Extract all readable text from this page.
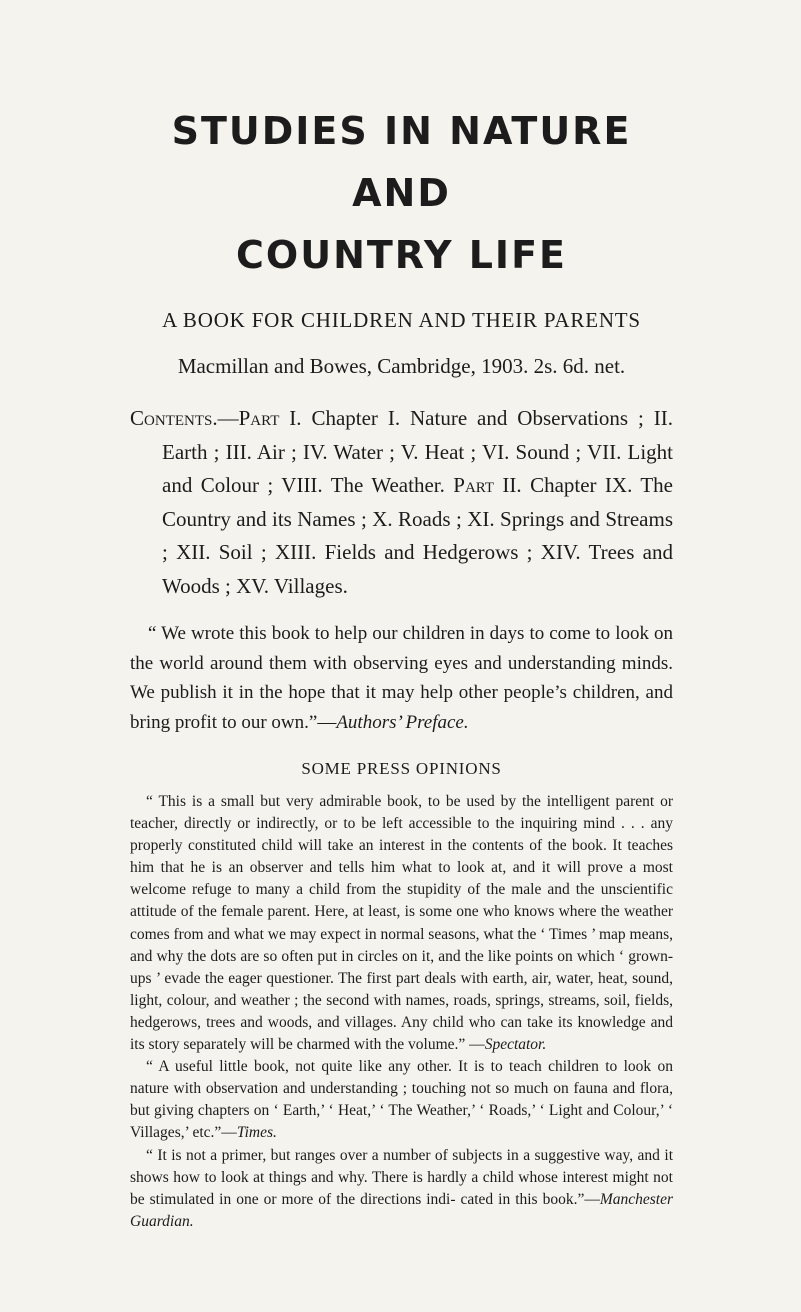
STUDIES IN NATURE AND
COUNTRY LIFE

A BOOK FOR CHILDREN AND THEIR PARENTS

Macmillan and Bowes, Cambridge, 1903. 2s. 6d. net.

Contents.—Part I. Chapter I. Nature and Observations ; II. Earth ; III. Air ; IV. Water ; V. Heat ; VI. Sound ; VII. Light and Colour ; VIII. The Weather. Part II. Chapter IX. The Country and its Names ; X. Roads ; XI. Springs and Streams ; XII. Soil ; XIII. Fields and Hedgerows ; XIV. Trees and Woods ; XV. Villages.

“ We wrote this book to help our children in days to come to look on the world around them with observing eyes and understanding minds. We publish it in the hope that it may help other people’s children, and bring profit to our own.”—Authors’ Preface.

SOME PRESS OPINIONS

“ This is a small but very admirable book, to be used by the intelligent parent or teacher, directly or indirectly, or to be left accessible to the inquiring mind . . . any properly constituted child will take an interest in the contents of the book. It teaches him that he is an observer and tells him what to look at, and it will prove a most welcome refuge to many a child from the stupidity of the male and the unscientific attitude of the female parent. Here, at least, is some one who knows where the weather comes from and what we may expect in normal seasons, what the ‘ Times ’ map means, and why the dots are so often put in circles on it, and the like points on which ‘ grown-ups ’ evade the eager questioner. The first part deals with earth, air, water, heat, sound, light, colour, and weather ; the second with names, roads, springs, streams, soil, fields, hedgerows, trees and woods, and villages. Any child who can take its knowledge and its story separately will be charmed with the volume.” —Spectator.

“ A useful little book, not quite like any other. It is to teach children to look on nature with observation and understanding ; touching not so much on fauna and flora, but giving chapters on ‘ Earth,’ ‘ Heat,’ ‘ The Weather,’ ‘ Roads,’ ‘ Light and Colour,’ ‘ Villages,’ etc.”—Times.

“ It is not a primer, but ranges over a number of subjects in a suggestive way, and it shows how to look at things and why. There is hardly a child whose interest might not be stimulated in one or more of the directions indi- cated in this book.”—Manchester Guardian.
